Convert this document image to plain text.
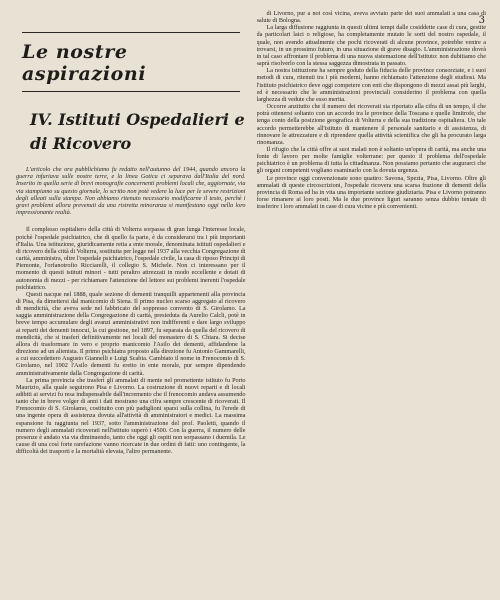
3
Le nostre aspirazioni
IV. Istituti Ospedalieri e di Ricovero

L'articolo che ora pubblichiamo fu redatto nell'autunno del 1944, quando ancora la guerra infuriava sulle nostre terre, e la linea Gotica ci separava dall'Italia del nord. Inserito in quella serie di brevi monografie concernenti problemi locali che, aggiornate, via via stampiamo su questo giornale, lo scritto non potè vedere la luce per le severe restrizioni degli alleati sulla stampa. Non abbiamo ritenuto necessario modificarne il testo, perchè i gravi problemi allora prevenuti da una ristretta minoranza si manifestano oggi nella loro impressionante realtà.

Il complesso ospitaliero della città di Volterra sorpassa di gran lunga l'interesse locale, poichè l'ospedale psichiatrico, che di quello fa parte, è da considerarsi tra i più importanti d'Italia. Una istituzione, giuridicamente retta a ente morale, denominata istituti ospedalieri e di ricovero della città di Volterra, sostituita per legge nel 1937 alla vecchia Congregazione di carità, amministra, oltre l'ospedale psichiatrico, l'ospedale civile, la casa di riposo Principi di Piemonte, l'orfanotrofio Ricciarelli, il collegio S. Michele. Non ci interessano per il momento di questi istituti minori - tutti peraltro attrezzati in modo eccellente e dotati di autonomia di mezzi - per richiamare l'attenzione del lettore sui problemi inerenti l'ospedale psichiatrico.

Questi nacque nel 1888, quale sezione di dementi tranquilli appartenenti alla provincia di Pisa, da dimettersi dal manicomio di Siena. Il primo nucleo scarso aggregato al ricovero di mendicità, che aveva sede nel fabbricato del soppresso convento di S. Girolamo. La saggia amministrazione della Congregazione di carità, presieduta da Aurelio Calcli, potè in breve tempo accumulare degli avanzi amministrativi non indifferenti e dare largo sviluppo ai reparti dei dementi innocui, la cui gestione, nel 1897, fu separata da quella del ricovero di mendicità, che si trasferì definitivamente nei locali del monastero di S. Chiara. Si decise allora di trasformare in vero e proprio manicomio l'Asilo dei dementi, affidandone la direzione ad un alienista. Il primo psichiatra proposto alla direzione fu Antonio Gammarelli, a cui succedettero Augusto Giannelli e Luigi Scabia. Cambiato il nome in Frenocomio di S. Girolamo, nel 1902 l'Asilo dementi fu eretto in ente morale, pur sempre dipendendo amministrativamente dalla Congregazione di carità.

La prima provincia che trasferì gli ammalati di mente nel promettente istituto fu Porto Maurizio, alla quale seguirono Pisa e Livorno. La costruzione di nuovi reparti e di locali adibiti ai servizi fu resa indispensabile dall'incremento che il frenocomio andava assumendo tanto che in breve volger di anni i dati mostrano una cifra sempre crescente di ricoverati. Il Frenocomio di S. Girolamo, costituito con più padiglioni sparsi sulla collina, fu l'erede di una ingente opera di assistenza dovuta all'attività di amministratori e medici. La massima espansione fu raggiunta nel 1937, sotto l'amministrazione del prof. Paoletti, quando il numero degli ammalati ricoverati nell'istituto superò i 4500. Con la guerra, il numero delle presenze è andato via via diminuendo, tanto che oggi gli ospiti non sorpassano i duemila. Le cause di una così forte rarefazione vanno ricercate in due ordini di fatti: uno contingente, la difficoltà dei trasporti e la mortalità elevata, l'altro permanente.

di Livorno, pur a noi così vicina, aveva avviato parte dei suoi ammalati a una casa di salute di Bologna.

La larga diffusione raggiunta in questi ultimi tempi dalle cosiddette case di cura, gestite da particolari laici o religiose, ha completamente mutato le sorti del nostro ospedale, il quale, non avendo attualmente che pochi ricoverati di alcune province, potrebbe venire a trovarsi, in un prossimo futuro, in una situazione di grave disagio. L'amministrazione dovrà in tal caso affrontare il problema di una nuova sistemazione dell'istituto: non dubitiamo che saprà risolverlo con la stessa saggezza dimostrata in passato.

La nostra istituzione ha sempre goduto della fiducia delle province consorziate, e i suoi metodi di cura, ritenuti tra i più moderni, hanno richiamato l'attenzione degli studiosi. Ma l'istituto psichiatrico deve oggi competere con enti che dispongono di mezzi assai più larghi, ed è necessario che le amministrazioni provinciali considerino il problema con quella larghezza di vedute che esso merita.

Occorre anzitutto che il numero dei ricoverati sia riportato alla cifra di un tempo, il che potrà ottenersi soltanto con un accordo tra le province della Toscana e quelle limitrofe, che tenga conto della posizione geografica di Volterra e della sua tradizione ospitaliera. Un tale accordo permetterebbe all'istituto di mantenere il personale sanitario e di assistenza, di rinnovare le attrezzature e di riprendere quella attività scientifica che gli ha procurato larga rinomanza.

Il rifugio che la città offre ai suoi malati non è soltanto un'opera di carità, ma anche una fonte di lavoro per molte famiglie volterrane: per questo il problema dell'ospedale psichiatrico è un problema di tutta la cittadinanza. Non possiamo pertanto che augurarci che gli organi competenti vogliano esaminarlo con la dovuta urgenza.

Le province oggi convenzionate sono quattro: Savona, Spezia, Pisa, Livorno. Oltre gli ammalati di queste circoscrizioni, l'ospedale ricovera una scarsa frazione di dementi della provincia di Roma ed ha in vita una importante sezione giudiziaria. Pisa e Livorno potranno forse rimanere ai loro posti. Ma le due province liguri saranno senza dubbio tentate di trasferire i loro ammalati in case di cura vicine e più convenienti.
